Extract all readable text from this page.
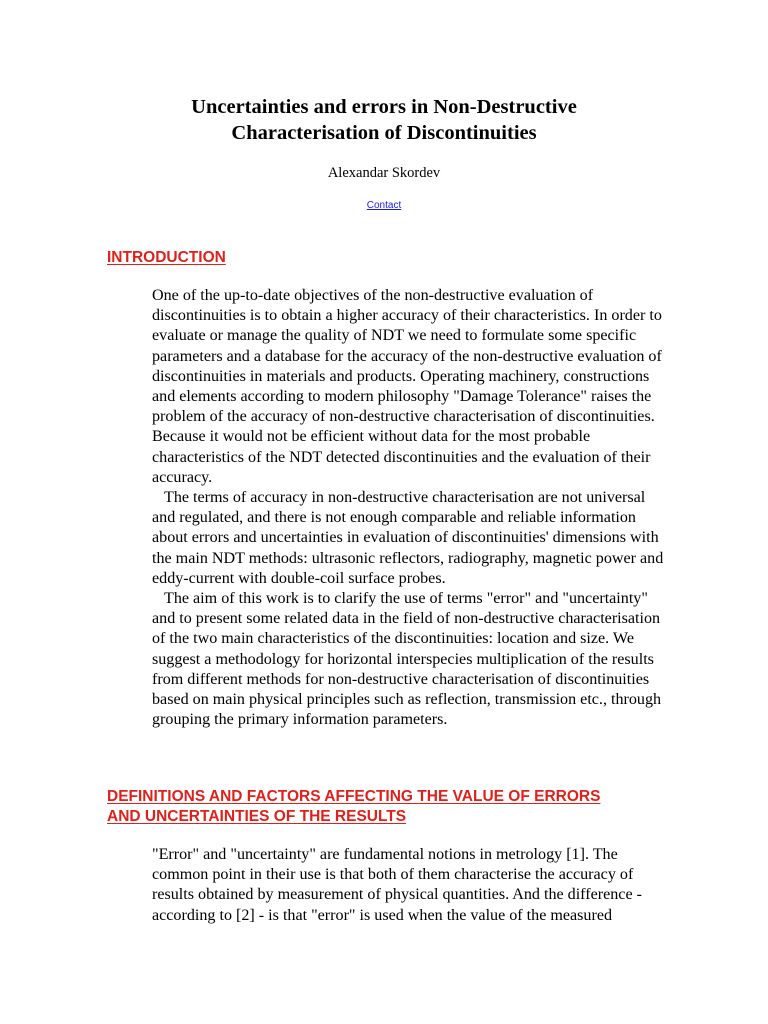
Uncertainties and errors in Non-Destructive
Characterisation of Discontinuities
Alexandar Skordev
Contact
INTRODUCTION

One of the up-to-date objectives of the non-destructive evaluation of discontinuities is to obtain a higher accuracy of their characteristics. In order to evaluate or manage the quality of NDT we need to formulate some specific parameters and a database for the accuracy of the non-destructive evaluation of discontinuities in materials and products. Operating machinery, constructions and elements according to modern philosophy "Damage Tolerance" raises the problem of the accuracy of non-destructive characterisation of discontinuities. Because it would not be efficient without data for the most probable characteristics of the NDT detected discontinuities and the evaluation of their accuracy.

The terms of accuracy in non-destructive characterisation are not universal and regulated, and there is not enough comparable and reliable information about errors and uncertainties in evaluation of discontinuities' dimensions with the main NDT methods: ultrasonic reflectors, radiography, magnetic power and eddy-current with double-coil surface probes.

The aim of this work is to clarify the use of terms "error" and "uncertainty" and to present some related data in the field of non-destructive characterisation of the two main characteristics of the discontinuities: location and size. We suggest a methodology for horizontal interspecies multiplication of the results from different methods for non-destructive characterisation of discontinuities based on main physical principles such as reflection, transmission etc., through grouping the primary information parameters.

DEFINITIONS AND FACTORS AFFECTING THE VALUE OF ERRORS
AND UNCERTAINTIES OF THE RESULTS

"Error" and "uncertainty" are fundamental notions in metrology [1]. The common point in their use is that both of them characterise the accuracy of results obtained by measurement of physical quantities. And the difference - according to [2] - is that "error" is used when the value of the measured
